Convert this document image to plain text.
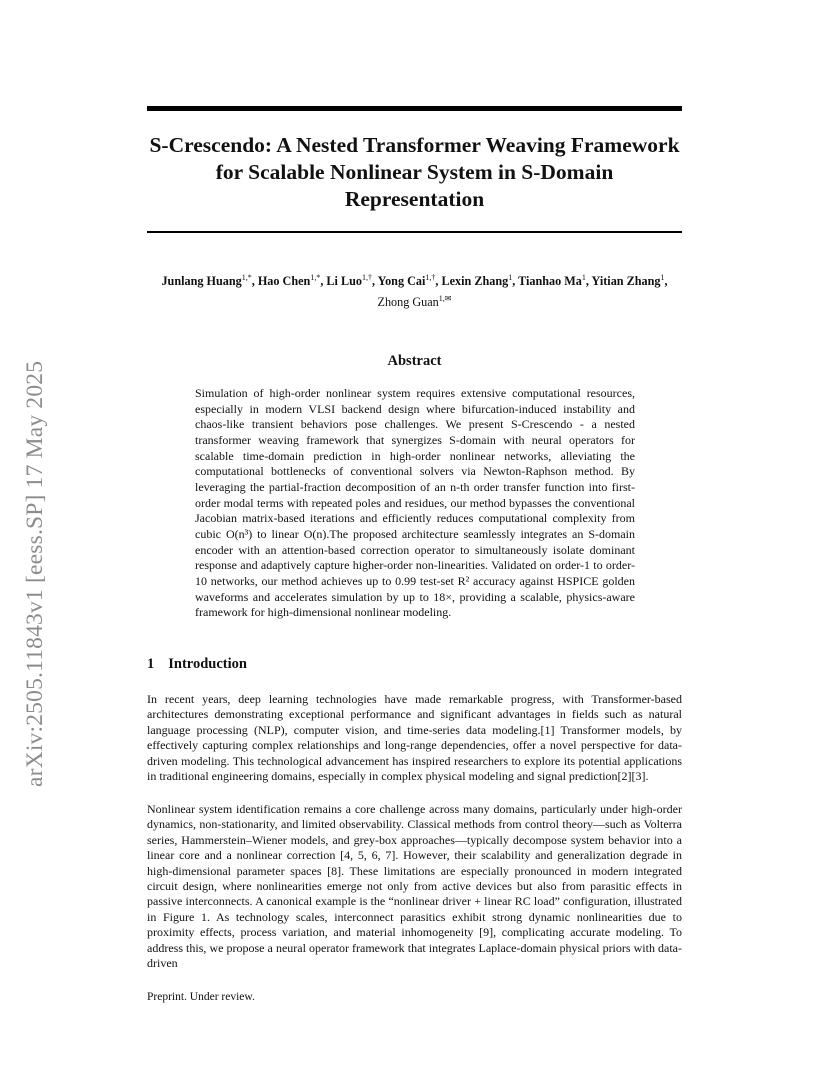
arXiv:2505.11843v1 [eess.SP] 17 May 2025
S-Crescendo: A Nested Transformer Weaving Framework for Scalable Nonlinear System in S-Domain Representation
Junlang Huang$^{1,*}$, Hao Chen$^{1,*}$, Li Luo$^{1,\dagger}$, Yong Cai$^{1,\dagger}$, Lexin Zhang$^1$, Tianhao Ma$^1$, Yitian Zhang$^1$,
Zhong Guan$^{1,✉}$
Abstract

Simulation of high-order nonlinear system requires extensive computational resources, especially in modern VLSI backend design where bifurcation-induced instability and chaos-like transient behaviors pose challenges. We present S-Crescendo - a nested transformer weaving framework that synergizes S-domain with neural operators for scalable time-domain prediction in high-order nonlinear networks, alleviating the computational bottlenecks of conventional solvers via Newton-Raphson method. By leveraging the partial-fraction decomposition of an n-th order transfer function into first-order modal terms with repeated poles and residues, our method bypasses the conventional Jacobian matrix-based iterations and efficiently reduces computational complexity from cubic O(n³) to linear O(n).The proposed architecture seamlessly integrates an S-domain encoder with an attention-based correction operator to simultaneously isolate dominant response and adaptively capture higher-order non-linearities. Validated on order-1 to order-10 networks, our method achieves up to 0.99 test-set R² accuracy against HSPICE golden waveforms and accelerates simulation by up to 18×, providing a scalable, physics-aware framework for high-dimensional nonlinear modeling.

1 Introduction

In recent years, deep learning technologies have made remarkable progress, with Transformer-based architectures demonstrating exceptional performance and significant advantages in fields such as natural language processing (NLP), computer vision, and time-series data modeling.[1] Transformer models, by effectively capturing complex relationships and long-range dependencies, offer a novel perspective for data-driven modeling. This technological advancement has inspired researchers to explore its potential applications in traditional engineering domains, especially in complex physical modeling and signal prediction[2][3].

Nonlinear system identification remains a core challenge across many domains, particularly under high-order dynamics, non-stationarity, and limited observability. Classical methods from control theory—such as Volterra series, Hammerstein–Wiener models, and grey-box approaches—typically decompose system behavior into a linear core and a nonlinear correction [4, 5, 6, 7]. However, their scalability and generalization degrade in high-dimensional parameter spaces [8]. These limitations are especially pronounced in modern integrated circuit design, where nonlinearities emerge not only from active devices but also from parasitic effects in passive interconnects. A canonical example is the “nonlinear driver + linear RC load” configuration, illustrated in Figure 1. As technology scales, interconnect parasitics exhibit strong dynamic nonlinearities due to proximity effects, process variation, and material inhomogeneity [9], complicating accurate modeling. To address this, we propose a neural operator framework that integrates Laplace-domain physical priors with data-driven

Preprint. Under review.
